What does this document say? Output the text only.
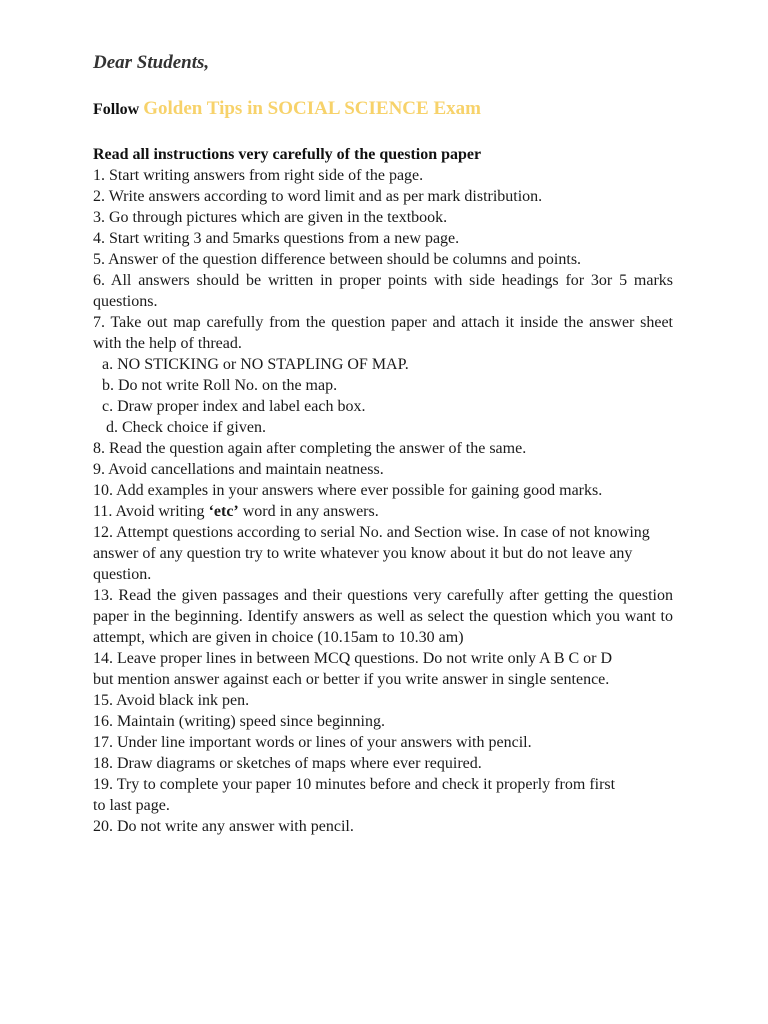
Dear Students,

Follow Golden Tips in SOCIAL SCIENCE Exam

Read all instructions very carefully of the question paper

1. Start writing answers from right side of the page.

2. Write answers according to word limit and as per mark distribution.

3. Go through pictures which are given in the textbook.

4. Start writing 3 and 5marks questions from a new page.

5. Answer of the question difference between should be columns and points.

6. All answers should be written in proper points with side headings for 3or 5 marks questions.

7. Take out map carefully from the question paper and attach it inside the answer sheet with the help of thread.

a. NO STICKING or NO STAPLING OF MAP.

b. Do not write Roll No. on the map.

c. Draw proper index and label each box.

d. Check choice if given.

8. Read the question again after completing the answer of the same.

9. Avoid cancellations and maintain neatness.

10. Add examples in your answers where ever possible for gaining good marks.

11. Avoid writing ‘etc’ word in any answers.

12. Attempt questions according to serial No. and Section wise. In case of not knowing answer of any question try to write whatever you know about it but do not leave any question.

13. Read the given passages and their questions very carefully after getting the question paper in the beginning. Identify answers as well as select the question which you want to attempt, which are given in choice (10.15am to 10.30 am)

14. Leave proper lines in between MCQ questions. Do not write only A B C or D

but mention answer against each or better if you write answer in single sentence.

15. Avoid black ink pen.

16. Maintain (writing) speed since beginning.

17. Under line important words or lines of your answers with pencil.

18. Draw diagrams or sketches of maps where ever required.

19. Try to complete your paper 10 minutes before and check it properly from first

to last page.

20. Do not write any answer with pencil.
